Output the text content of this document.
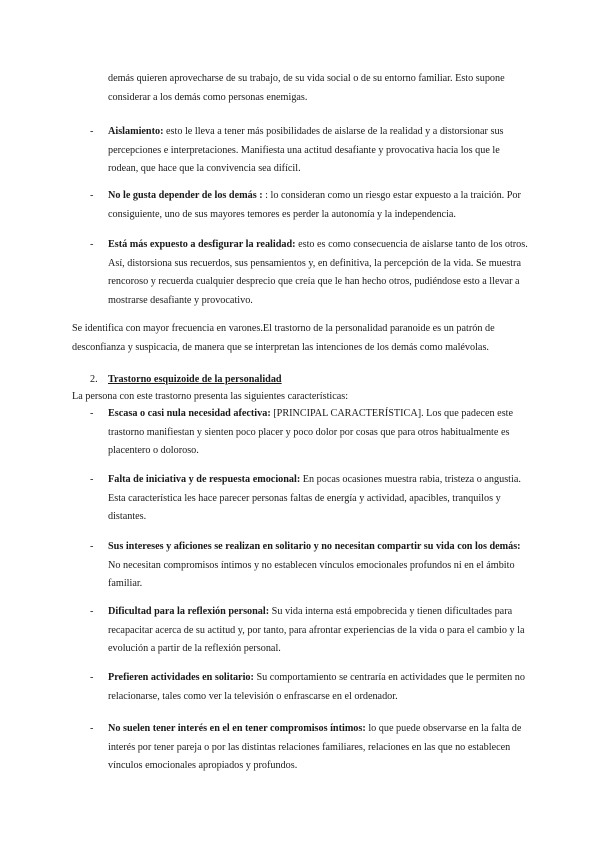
demás quieren aprovecharse de su trabajo, de su vida social o de su entorno familiar. Esto supone considerar a los demás como personas enemigas.
- Aislamiento: esto le lleva a tener más posibilidades de aislarse de la realidad y a distorsionar sus percepciones e interpretaciones. Manifiesta una actitud desafiante y provocativa hacia los que le rodean, que hace que la convivencia sea difícil.
- No le gusta depender de los demás : : lo consideran como un riesgo estar expuesto a la traición. Por consiguiente, uno de sus mayores temores es perder la autonomía y la independencia.
- Está más expuesto a desfigurar la realidad: esto es como consecuencia de aislarse tanto de los otros. Así, distorsiona sus recuerdos, sus pensamientos y, en definitiva, la percepción de la vida. Se muestra rencoroso y recuerda cualquier desprecio que creía que le han hecho otros, pudiéndose esto a llevar a mostrarse desafiante y provocativo.
Se identifica con mayor frecuencia en varones.El trastorno de la personalidad paranoide es un patrón de desconfianza y suspicacia, de manera que se interpretan las intenciones de los demás como malévolas.
2. Trastorno esquizoide de la personalidad
La persona con este trastorno presenta las siguientes características:
- Escasa o casi nula necesidad afectiva: [PRINCIPAL CARACTERÍSTICA]. Los que padecen este trastorno manifiestan y sienten poco placer y poco dolor por cosas que para otros habitualmente es placentero o doloroso.
- Falta de iniciativa y de respuesta emocional: En pocas ocasiones muestra rabia, tristeza o angustia. Esta característica les hace parecer personas faltas de energía y actividad, apacibles, tranquilos y distantes.
- Sus intereses y aficiones se realizan en solitario y no necesitan compartir su vida con los demás: No necesitan compromisos íntimos y no establecen vínculos emocionales profundos ni en el ámbito familiar.
- Dificultad para la reflexión personal: Su vida interna está empobrecida y tienen dificultades para recapacitar acerca de su actitud y, por tanto, para afrontar experiencias de la vida o para el cambio y la evolución a partir de la reflexión personal.
- Prefieren actividades en solitario: Su comportamiento se centraría en actividades que le permiten no relacionarse, tales como ver la televisión o enfrascarse en el ordenador.
- No suelen tener interés en el en tener compromisos íntimos: lo que puede observarse en la falta de interés por tener pareja o por las distintas relaciones familiares, relaciones en las que no establecen vínculos emocionales apropiados y profundos.
